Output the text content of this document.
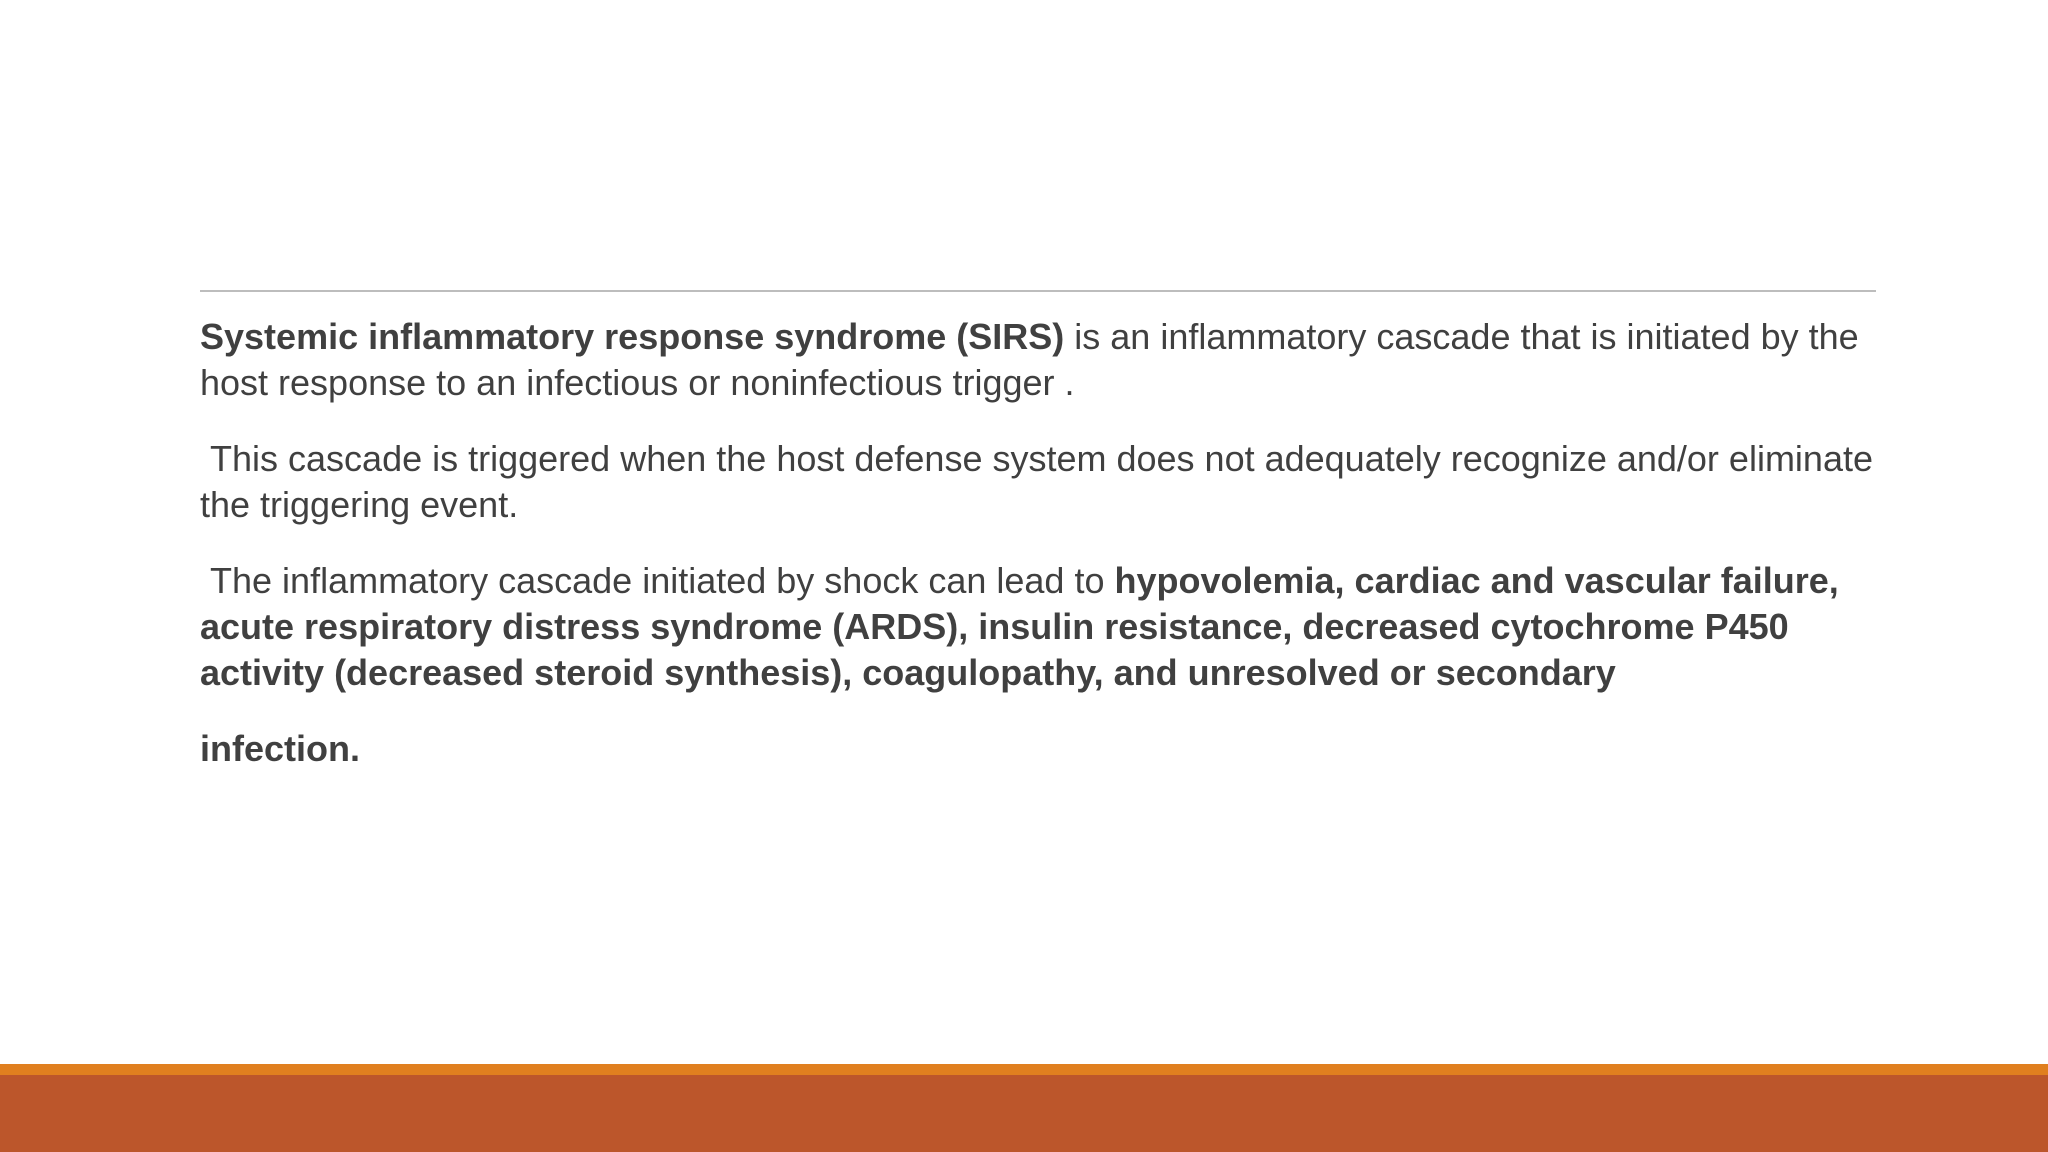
Systemic inflammatory response syndrome (SIRS) is an inflammatory cascade that is initiated by the host response to an infectious or noninfectious trigger .

This cascade is triggered when the host defense system does not adequately recognize and/or eliminate the triggering event.

The inflammatory cascade initiated by shock can lead to hypovolemia, cardiac and vascular failure, acute respiratory distress syndrome (ARDS), insulin resistance, decreased cytochrome P450 activity (decreased steroid synthesis), coagulopathy, and unresolved or secondary
infection.
